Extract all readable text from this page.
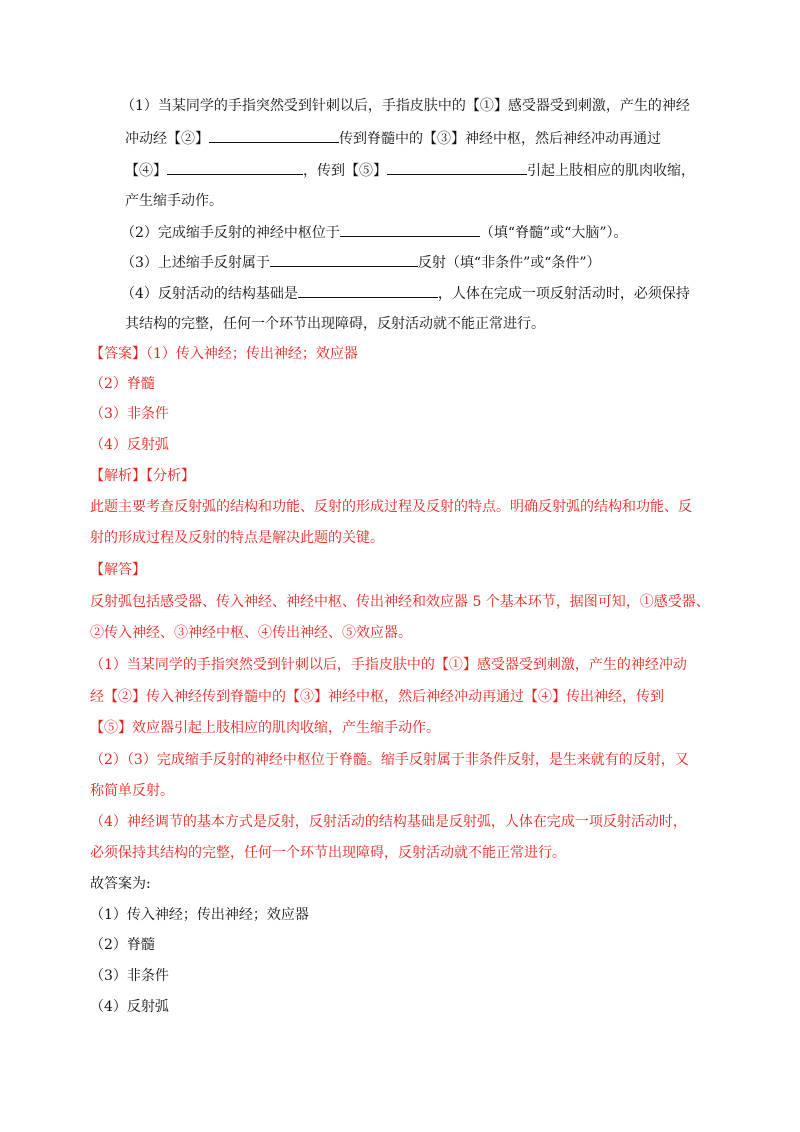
（1）当某同学的手指突然受到针刺以后，手指皮肤中的【①】感受器受到刺激，产生的神经
冲动经【②】	传到脊髓中的【③】神经中枢，然后神经冲动再通过
【④】	，传到【⑤】	引起上肢相应的肌肉收缩，
产生缩手动作。
（2）完成缩手反射的神经中枢位于	（填“脊髓”或“大脑”）。
（3）上述缩手反射属于	反射（填“非条件”或“条件”）
（4）反射活动的结构基础是	，人体在完成一项反射活动时，必须保持
其结构的完整，任何一个环节出现障碍，反射活动就不能正常进行。
【答案】（1）传入神经；传出神经；效应器
（2）脊髓
（3）非条件
（4）反射弧
【解析】【分析】
此题主要考查反射弧的结构和功能、反射的形成过程及反射的特点。明确反射弧的结构和功能、反
射的形成过程及反射的特点是解决此题的关键。
【解答】
反射弧包括感受器、传入神经、神经中枢、传出神经和效应器 5 个基本环节，据图可知，①感受器、
②传入神经、③神经中枢、④传出神经、⑤效应器。
（1）当某同学的手指突然受到针刺以后，手指皮肤中的【①】感受器受到刺激，产生的神经冲动
经【②】传入神经传到脊髓中的【③】神经中枢，然后神经冲动再通过【④】传出神经，传到
【⑤】效应器引起上肢相应的肌肉收缩，产生缩手动作。
（2）（3）完成缩手反射的神经中枢位于脊髓。缩手反射属于非条件反射，是生来就有的反射，又
称简单反射。
（4）神经调节的基本方式是反射，反射活动的结构基础是反射弧，人体在完成一项反射活动时，
必须保持其结构的完整，任何一个环节出现障碍，反射活动就不能正常进行。
故答案为:
（1）传入神经；传出神经；效应器
（2）脊髓
（3）非条件
（4）反射弧
